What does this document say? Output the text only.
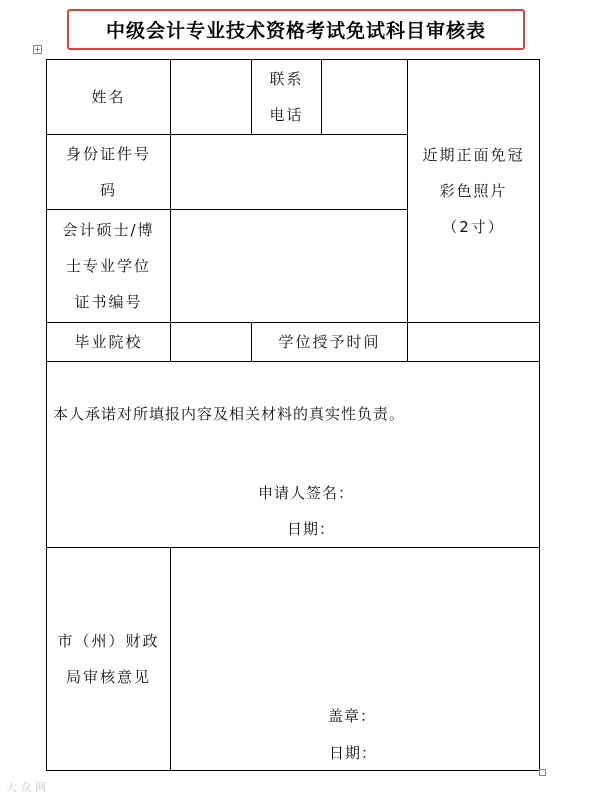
中级会计专业技术资格考试免试科目审核表
+
姓名
联系
电话
近期正面免冠
彩色照片
（2寸）
身份证件号
码
会计硕士/博
士专业学位
证书编号
毕业院校	学位授予时间
本人承诺对所填报内容及相关材料的真实性负责。
申请人签名：
日期：
市（州）财政
局审核意见
盖章：
日期：
大 众 网
